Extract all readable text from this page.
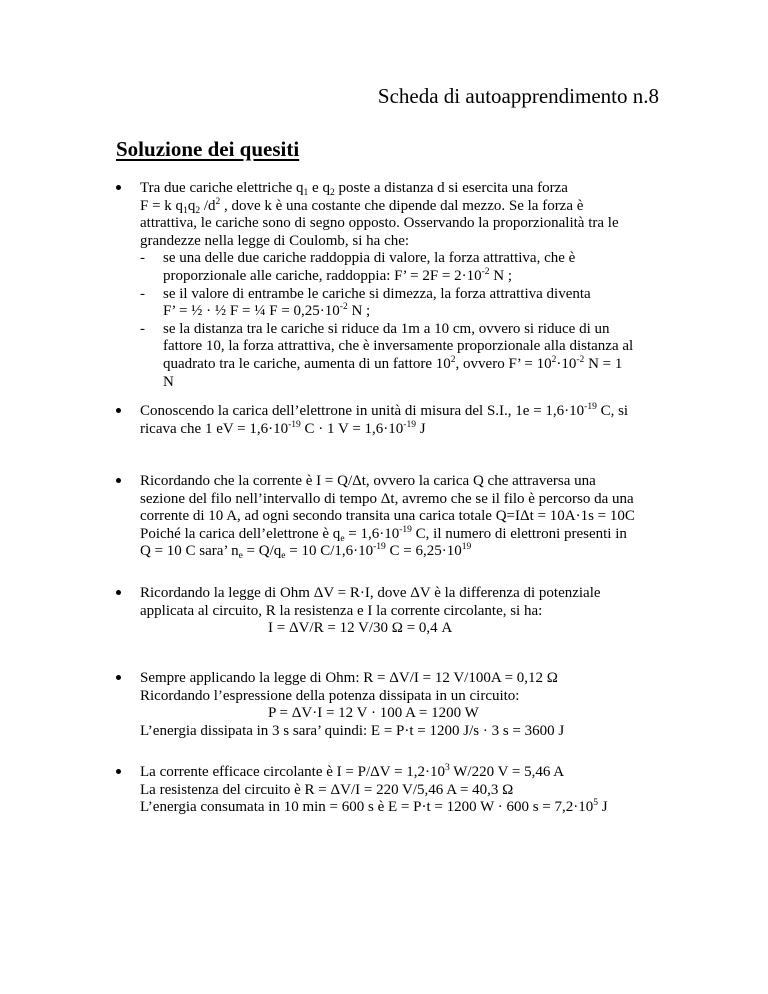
Scheda di autoapprendimento n.8
Soluzione dei quesiti
Tra due cariche elettriche $q_1$ e $q_2$ poste a distanza d si esercita una forza
F = k $q_1q_2$ $/d^2$ , dove k è una costante che dipende dal mezzo. Se la forza è
attrattiva, le cariche sono di segno opposto. Osservando la proporzionalità tra le
grandezze nella legge di Coulomb, si ha che:
- se una delle due cariche raddoppia di valore, la forza attrattiva, che è
proporzionale alle cariche, raddoppia: F’ = $2F = 2\cdot 10^{-2}$ N ;
- se il valore di entrambe le cariche si dimezza, la forza attrattiva diventa
F’ = ½ · ½ F = ¼ $F = 0,25\cdot 10^{-2}$ N ;
- se la distanza tra le cariche si riduce da 1m a 10 cm, ovvero si riduce di un
fattore 10, la forza attrattiva, che è inversamente proporzionale alla distanza al
quadrato tra le cariche, aumenta di un fattore $10^2$, ovvero F’ = $10^2\cdot 10^{-2}$ N = 1
N
Conoscendo la carica dell’elettrone in unità di misura del S.I., $1e = 1,6\cdot 10^{-19}$ C, si
ricava che 1 eV = $1,6\cdot 10^{-19}$ C · 1 $V = 1,6\cdot 10^{-19}$ J
Ricordando che la corrente è I = Q/Δt, ovvero la carica Q che attraversa una
sezione del filo nell’intervallo di tempo Δt, avremo che se il filo è percorso da una
corrente di 10 A, ad ogni secondo transita una carica totale Q=IΔt = 10A·1s = 10C
Poiché la carica dell’elettrone è $q_e = 1,6\cdot 10^{-19}$ C, il numero di elettroni presenti in
Q = 10 C sara’ $n_e = Q/q_e = 10$ $C/1,6\cdot 10^{-19}$ $C = 6,25\cdot 10^{19}$
Ricordando la legge di Ohm ΔV = R·I, dove ΔV è la differenza di potenziale
applicata al circuito, R la resistenza e I la corrente circolante, si ha:
I = ΔV/R = 12 V/30 Ω = 0,4 A
Sempre applicando la legge di Ohm: R = ΔV/I = 12 V/100A = 0,12 Ω
Ricordando l’espressione della potenza dissipata in un circuito:
P = ΔV·I = 12 V · 100 A = 1200 W
L’energia dissipata in 3 s sara’ quindi: E = P·t = 1200 J/s · 3 s = 3600 J
La corrente efficace circolante è $I = P/\Delta V = 1,2\cdot 10^3$ W/220 V = 5,46 A
La resistenza del circuito è R = ΔV/I = 220 V/5,46 A = 40,3 Ω
L’energia consumata in 10 min = 600 s è E = P·t = 1200 W · 600 $s = 7,2\cdot 10^5$ J
